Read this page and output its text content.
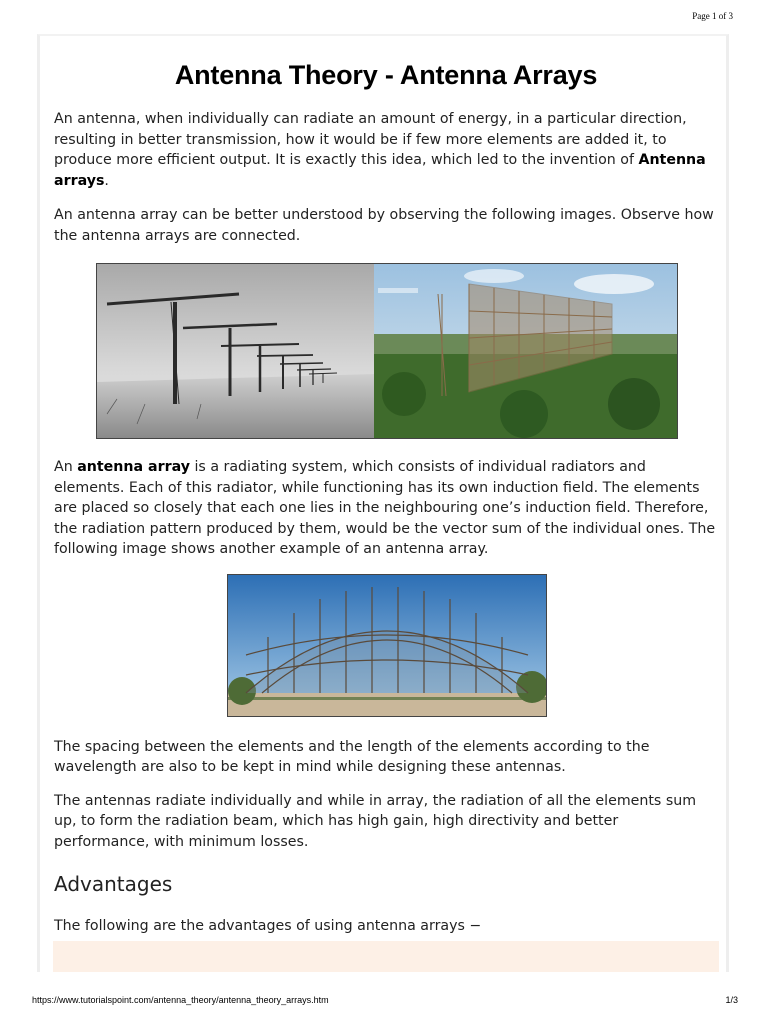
Page 1 of 3
Antenna Theory - Antenna Arrays

An antenna, when individually can radiate an amount of energy, in a particular direction, resulting in better transmission, how it would be if few more elements are added it, to produce more efficient output. It is exactly this idea, which led to the invention of Antenna arrays.

An antenna array can be better understood by observing the following images. Observe how the antenna arrays are connected.

An antenna array is a radiating system, which consists of individual radiators and elements. Each of this radiator, while functioning has its own induction field. The elements are placed so closely that each one lies in the neighbouring one’s induction field. Therefore, the radiation pattern produced by them, would be the vector sum of the individual ones. The following image shows another example of an antenna array.

The spacing between the elements and the length of the elements according to the wavelength are also to be kept in mind while designing these antennas.

The antennas radiate individually and while in array, the radiation of all the elements sum up, to form the radiation beam, which has high gain, high directivity and better performance, with minimum losses.

Advantages

The following are the advantages of using antenna arrays −

https://www.tutorialspoint.com/antenna_theory/antenna_theory_arrays.htm	1/3
